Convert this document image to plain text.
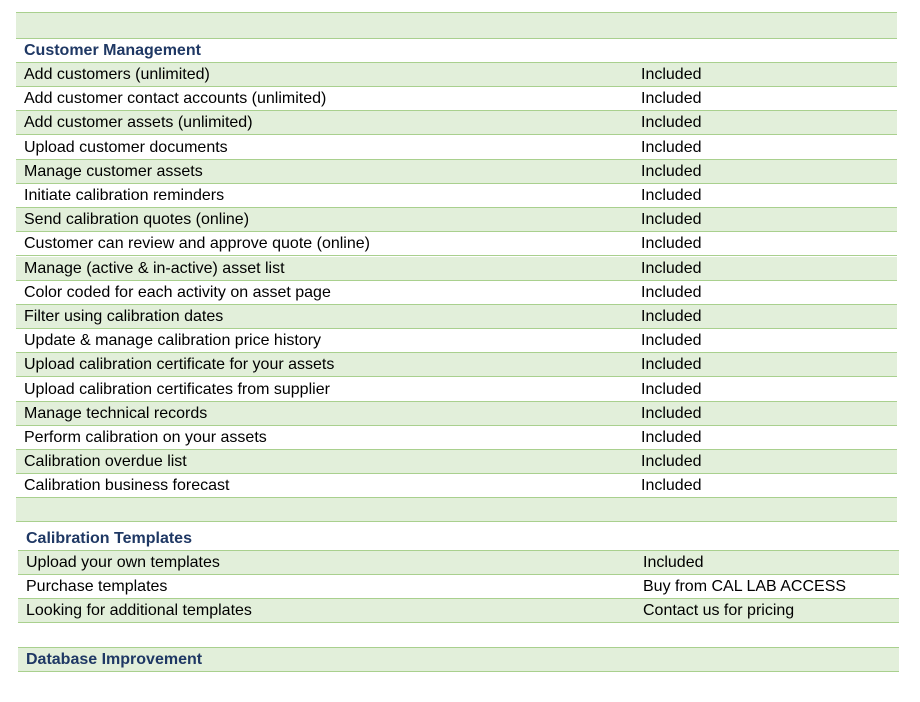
Customer Management
Add customers (unlimited)	Included
Add customer contact accounts (unlimited)	Included
Add customer assets (unlimited)	Included
Upload customer documents	Included
Manage customer assets	Included
Initiate calibration reminders	Included
Send calibration quotes (online)	Included
Customer can review and approve quote (online)	Included
Manage (active & in-active) asset list	Included
Color coded for each activity on asset page	Included
Filter using calibration dates	Included
Update & manage calibration price history	Included
Upload calibration certificate for your assets	Included
Upload calibration certificates from supplier	Included
Manage technical records	Included
Perform calibration on your assets	Included
Calibration overdue list	Included
Calibration business forecast	Included
Calibration Templates
Upload your own templates	Included
Purchase templates	Buy from CAL LAB ACCESS
Looking for additional templates	Contact us for pricing
Database Improvement
